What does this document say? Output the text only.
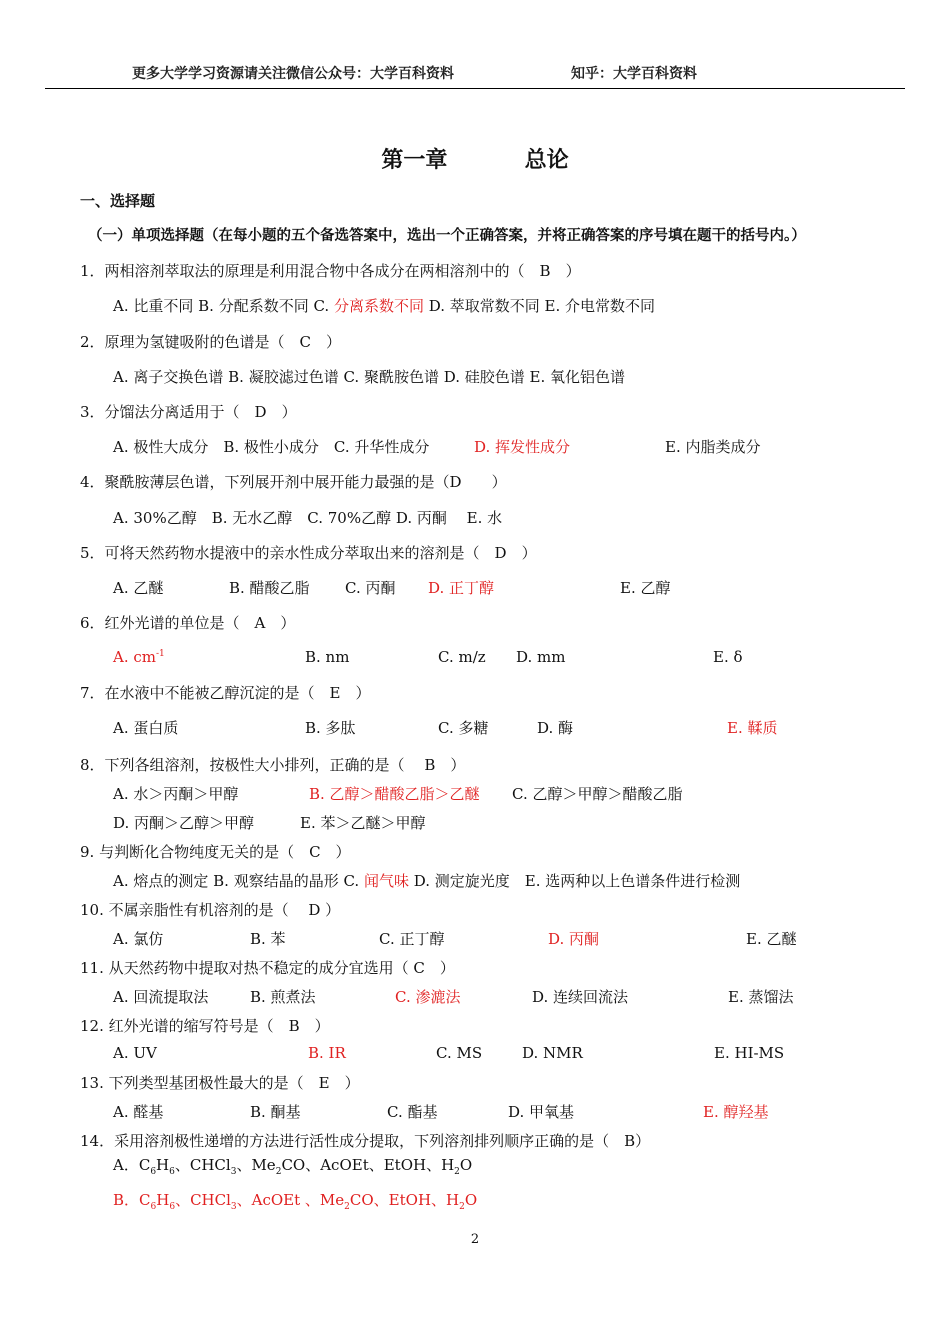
更多大学学习资源请关注微信公众号：大学百科资料	知乎：大学百科资料
第一章	总论
一、选择题
（一）单项选择题（在每小题的五个备选答案中，选出一个正确答案，并将正确答案的序号填在题干的括号内。）
1．两相溶剂萃取法的原理是利用混合物中各成分在两相溶剂中的（　B　）
A. 比重不同 B. 分配系数不同 C. 分离系数不同 D. 萃取常数不同 E. 介电常数不同
2．原理为氢键吸附的色谱是（　C　）
A. 离子交换色谱 B. 凝胶滤过色谱 C. 聚酰胺色谱 D. 硅胶色谱 E. 氧化铝色谱
3．分馏法分离适用于（　D　）
A. 极性大成分　B. 极性小成分　C. 升华性成分	D. 挥发性成分	E. 内脂类成分
4．聚酰胺薄层色谱，下列展开剂中展开能力最强的是（D　　）
A. 30%乙醇　B. 无水乙醇　C. 70%乙醇 D. 丙酮　 E. 水
5．可将天然药物水提液中的亲水性成分萃取出来的溶剂是（　D　）
A. 乙醚	B. 醋酸乙脂 C. 丙酮 D. 正丁醇	E. 乙醇
6．红外光谱的单位是（　A　）
A. $cm^{-1}$	B. nm	C. m/z D. mm	E. δ
7．在水液中不能被乙醇沉淀的是（　E　）
A. 蛋白质	B. 多肽	C. 多糖	D. 酶	E. 鞣质
8．下列各组溶剂，按极性大小排列，正确的是（　 B　）
A. 水＞丙酮＞甲醇	B. 乙醇＞醋酸乙脂＞乙醚 C. 乙醇＞甲醇＞醋酸乙脂
D. 丙酮＞乙醇＞甲醇	E. 苯＞乙醚＞甲醇
9. 与判断化合物纯度无关的是（　C　）
A. 熔点的测定 B. 观察结晶的晶形 C. 闻气味 D. 测定旋光度　E. 选两种以上色谱条件进行检测
10. 不属亲脂性有机溶剂的是（　 D ）
A. 氯仿	B. 苯	C. 正丁醇	D. 丙酮	E. 乙醚
11. 从天然药物中提取对热不稳定的成分宜选用（ C　）
A. 回流提取法	B. 煎煮法	C. 渗漉法	D. 连续回流法	E. 蒸馏法
12. 红外光谱的缩写符号是（　B　）
A. UV	B. IR	C. MS	D. NMR	E. HI-MS
13. 下列类型基团极性最大的是（　E　）
A. 醛基	B. 酮基	C. 酯基	D. 甲氧基	E. 醇羟基
14．采用溶剂极性递增的方法进行活性成分提取，下列溶剂排列顺序正确的是（　B）
A．$C_6H_6$、CHCl$_3$、$Me_2CO$、AcOEt、EtOH、$H_2O$
B．$C_6H_6$、CHCl$_3$、AcOEt 、$Me_2CO$、EtOH、$H_2O$
2
